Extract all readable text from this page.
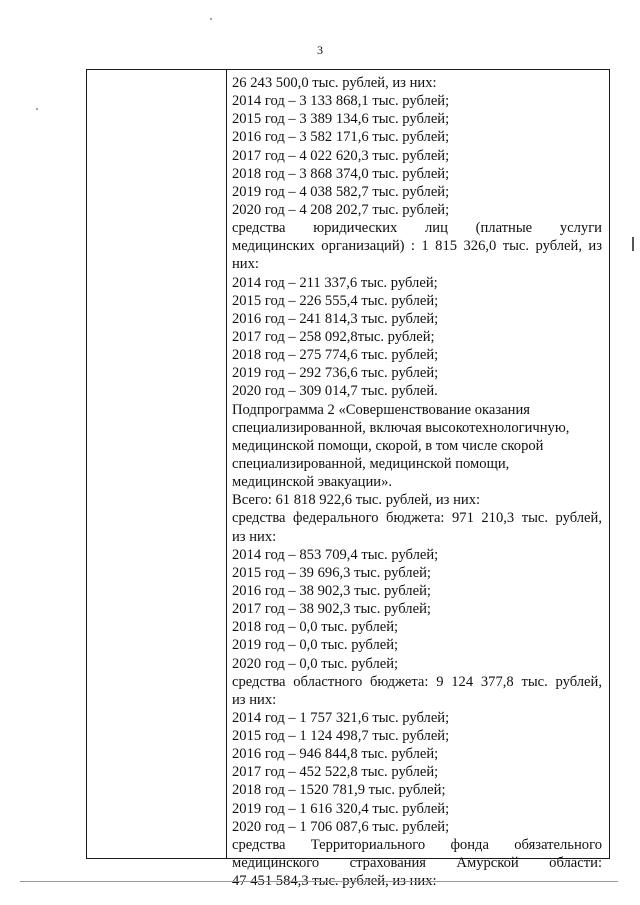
3
26 243 500,0 тыс. рублей, из них:
2014 год – 3 133 868,1 тыс. рублей;
2015 год – 3 389 134,6 тыс. рублей;
2016 год – 3 582 171,6 тыс. рублей;
2017 год – 4 022 620,3 тыс. рублей;
2018 год – 3 868 374,0 тыс. рублей;
2019 год – 4 038 582,7 тыс. рублей;
2020 год – 4 208 202,7 тыс. рублей;
средства юридических лиц (платные услуги
медицинских организаций) : 1 815 326,0 тыс. рублей, из
них:
2014 год – 211 337,6 тыс. рублей;
2015 год – 226 555,4 тыс. рублей;
2016 год – 241 814,3 тыс. рублей;
2017 год – 258 092,8тыс. рублей;
2018 год – 275 774,6 тыс. рублей;
2019 год – 292 736,6 тыс. рублей;
2020 год – 309 014,7 тыс. рублей.
Подпрограмма 2 «Совершенствование оказания
специализированной, включая высокотехнологичную,
медицинской помощи, скорой, в том числе скорой
специализированной, медицинской помощи,
медицинской эвакуации».
Всего: 61 818 922,6 тыс. рублей, из них:
средства федерального бюджета: 971 210,3 тыс. рублей,
из них:
2014 год – 853 709,4 тыс. рублей;
2015 год – 39 696,3 тыс. рублей;
2016 год – 38 902,3 тыс. рублей;
2017 год – 38 902,3 тыс. рублей;
2018 год – 0,0 тыс. рублей;
2019 год – 0,0 тыс. рублей;
2020 год – 0,0 тыс. рублей;
средства областного бюджета: 9 124 377,8 тыс. рублей,
из них:
2014 год – 1 757 321,6 тыс. рублей;
2015 год – 1 124 498,7 тыс. рублей;
2016 год – 946 844,8 тыс. рублей;
2017 год – 452 522,8 тыс. рублей;
2018 год – 1520 781,9 тыс. рублей;
2019 год – 1 616 320,4 тыс. рублей;
2020 год – 1 706 087,6 тыс. рублей;
средства Территориального фонда обязательного
медицинского страхования Амурской области:
47 451 584,3 тыс. рублей, из них:
